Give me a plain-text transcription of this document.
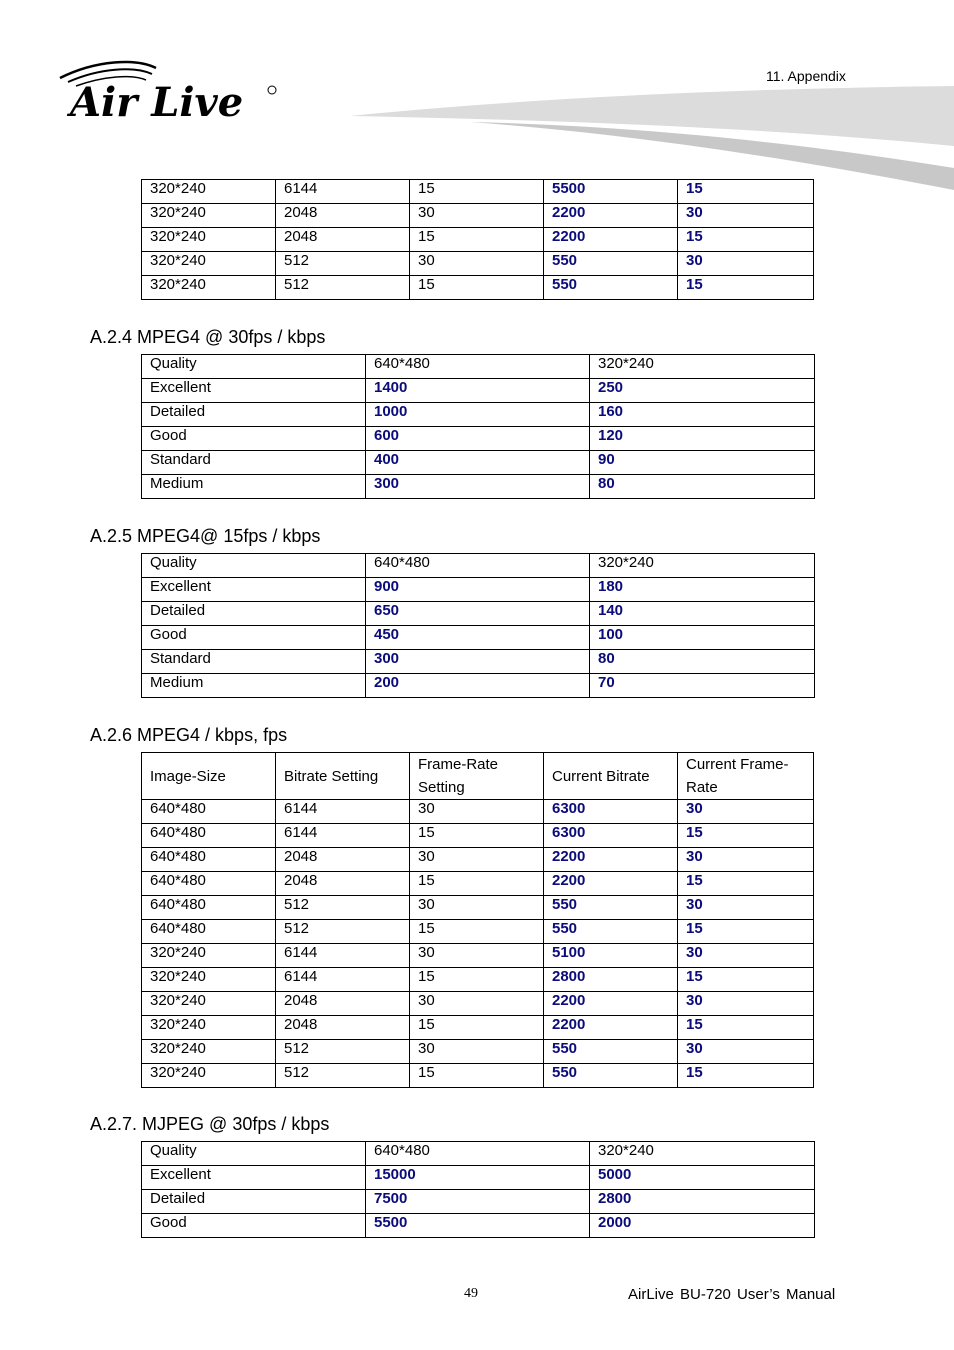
11. Appendix
Air Live
320*240	6144	15	5500	15
320*240	2048	30	2200	30
320*240	2048	15	2200	15
320*240	512	30	550	30
320*240	512	15	550	15
A.2.4 MPEG4 @ 30fps / kbps
Quality	640*480	320*240
Excellent	1400	250
Detailed	1000	160
Good	600	120
Standard	400	90
Medium	300	80
A.2.5 MPEG4@ 15fps / kbps
Quality	640*480	320*240
Excellent	900	180
Detailed	650	140
Good	450	100
Standard	300	80
Medium	200	70
A.2.6 MPEG4 / kbps, fps
Image-Size	Bitrate Setting	Frame-Rate Setting	Current Bitrate	Current Frame-Rate
640*480	6144	30	6300	30
640*480	6144	15	6300	15
640*480	2048	30	2200	30
640*480	2048	15	2200	15
640*480	512	30	550	30
640*480	512	15	550	15
320*240	6144	30	5100	30
320*240	6144	15	2800	15
320*240	2048	30	2200	30
320*240	2048	15	2200	15
320*240	512	30	550	30
320*240	512	15	550	15
A.2.7. MJPEG @ 30fps / kbps
Quality	640*480	320*240
Excellent	15000	5000
Detailed	7500	2800
Good	5500	2000
49	AirLive BU-720 User’s Manual
